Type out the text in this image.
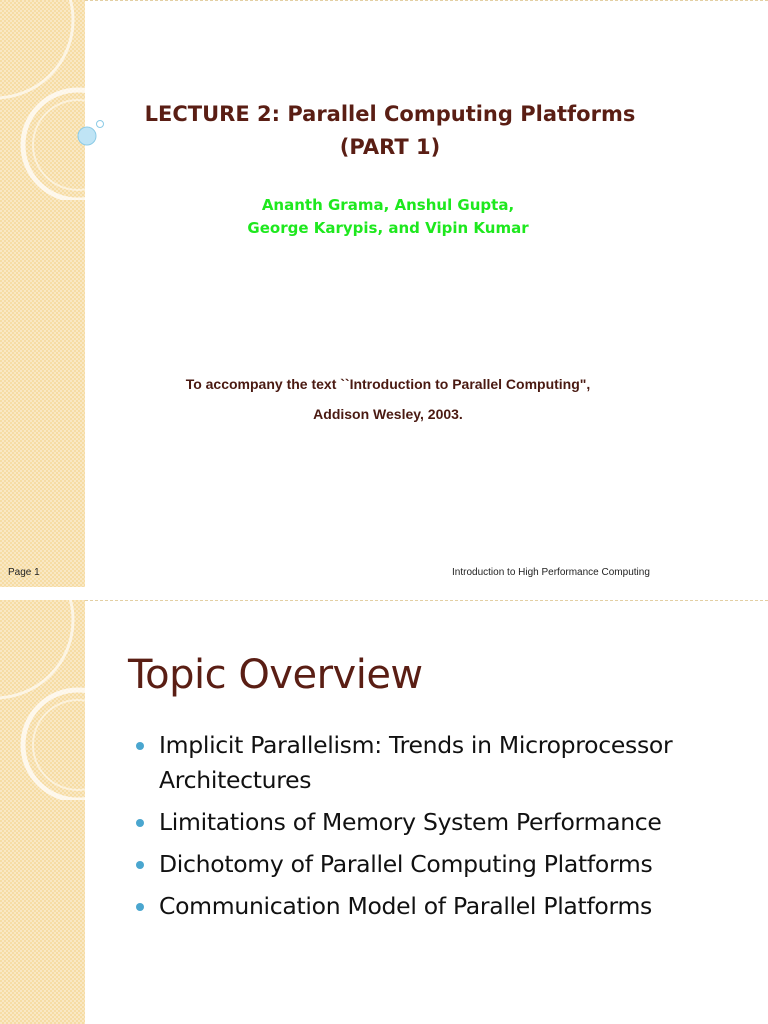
LECTURE 2: Parallel Computing Platforms
(PART 1)

Ananth Grama, Anshul Gupta,
George Karypis, and Vipin Kumar

To accompany the text ``Introduction to Parallel Computing",
Addison Wesley, 2003.

Page 1	Introduction to High Performance Computing
Topic Overview
Implicit Parallelism: Trends in Microprocessor
Architectures
Limitations of Memory System Performance
Dichotomy of Parallel Computing Platforms
Communication Model of Parallel Platforms
